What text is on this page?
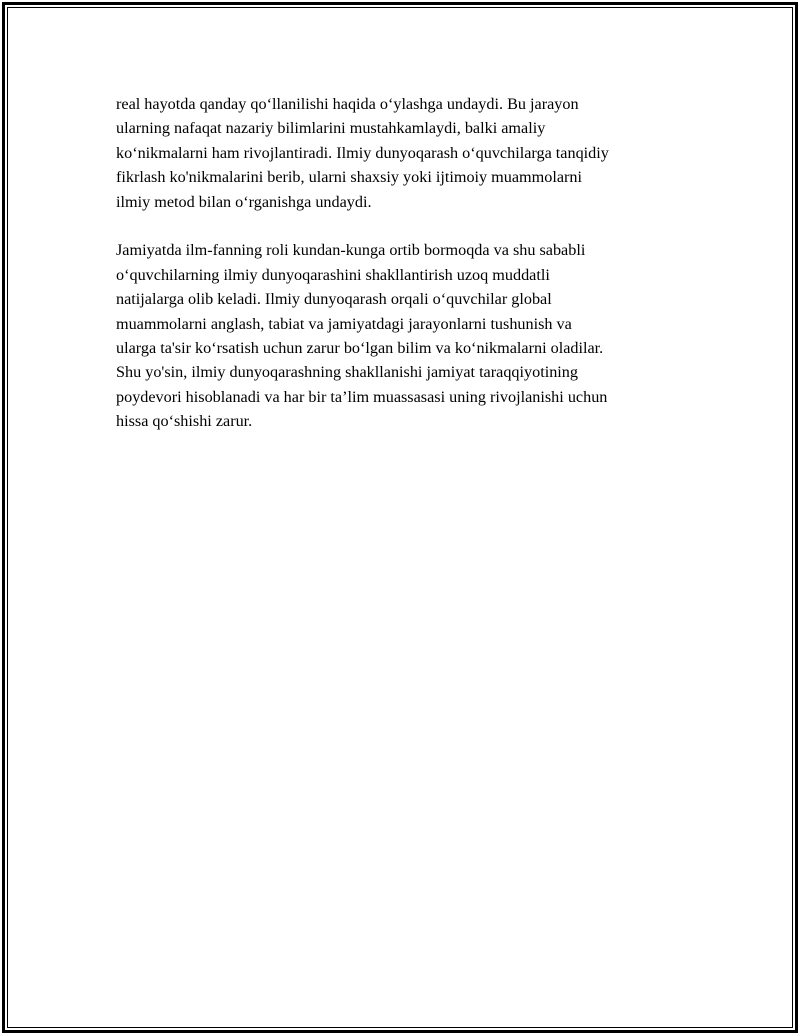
real hayotda qanday qo‘llanilishi haqida o‘ylashga undaydi. Bu jarayon
ularning nafaqat nazariy bilimlarini mustahkamlaydi, balki amaliy
ko‘nikmalarni ham rivojlantiradi. Ilmiy dunyoqarash o‘quvchilarga tanqidiy
fikrlash ko'nikmalarini berib, ularni shaxsiy yoki ijtimoiy muammolarni
ilmiy metod bilan o‘rganishga undaydi.

Jamiyatda ilm-fanning roli kundan-kunga ortib bormoqda va shu sababli
o‘quvchilarning ilmiy dunyoqarashini shakllantirish uzoq muddatli
natijalarga olib keladi. Ilmiy dunyoqarash orqali o‘quvchilar global
muammolarni anglash, tabiat va jamiyatdagi jarayonlarni tushunish va
ularga ta'sir ko‘rsatish uchun zarur bo‘lgan bilim va ko‘nikmalarni oladilar.
Shu yo'sin, ilmiy dunyoqarashning shakllanishi jamiyat taraqqiyotining
poydevori hisoblanadi va har bir ta’lim muassasasi uning rivojlanishi uchun
hissa qo‘shishi zarur.
